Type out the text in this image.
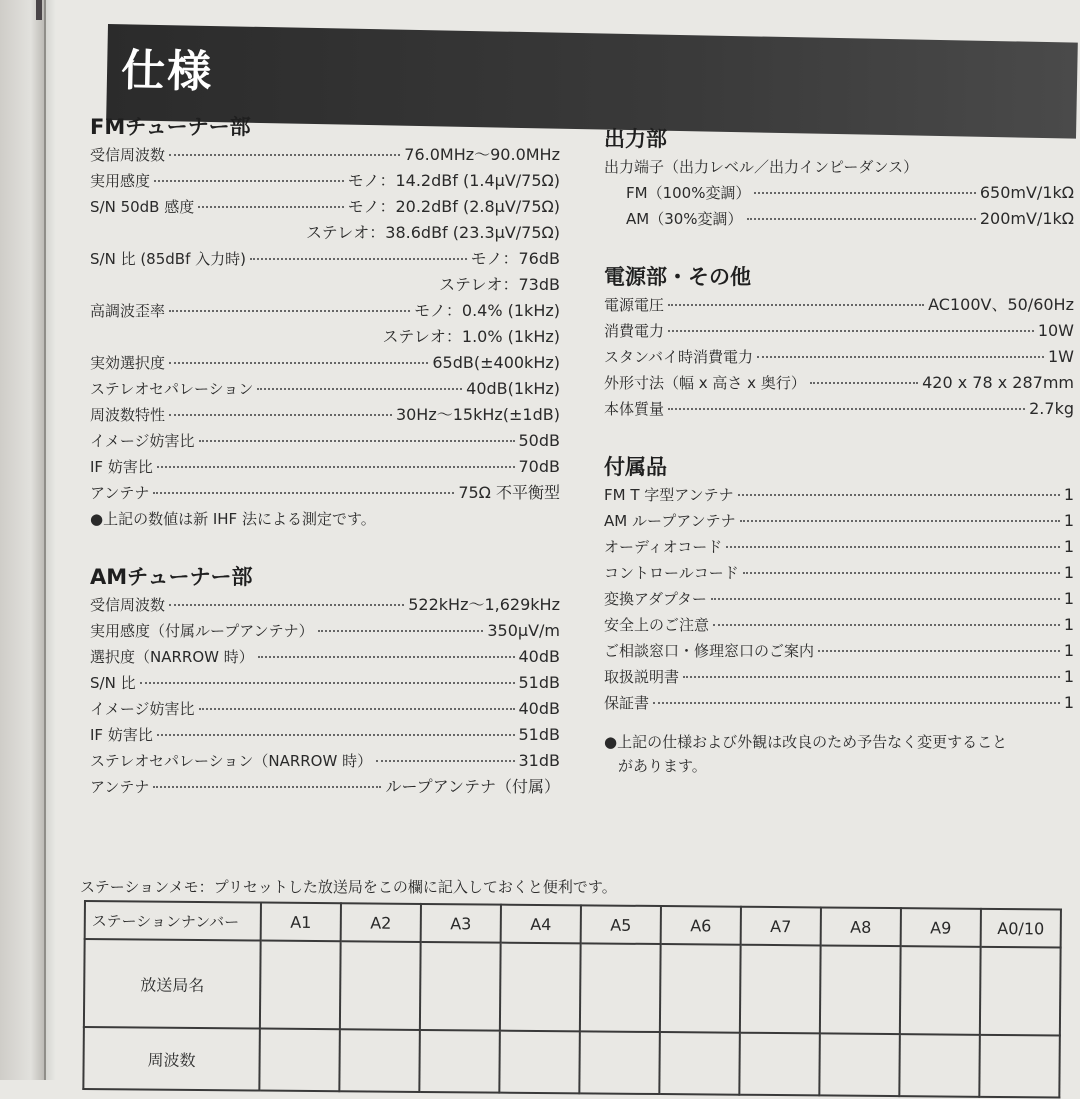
仕様
FMチューナー部
受信周波数	76.0MHz～90.0MHz
実用感度	モノ：14.2dBf (1.4μV/75Ω)
S/N 50dB 感度	モノ：20.2dBf (2.8μV/75Ω)
ステレオ：38.6dBf (23.3μV/75Ω)
S/N 比 (85dBf 入力時)	モノ：76dB
ステレオ：73dB
高調波歪率	モノ：0.4% (1kHz)
ステレオ：1.0% (1kHz)
実効選択度	65dB(±400kHz)
ステレオセパレーション	40dB(1kHz)
周波数特性	30Hz～15kHz(±1dB)
イメージ妨害比	50dB
IF 妨害比	70dB
アンテナ	75Ω 不平衡型
●上記の数値は新 IHF 法による測定です。
AMチューナー部
受信周波数	522kHz～1,629kHz
実用感度（付属ループアンテナ）	350μV/m
選択度（NARROW 時）	40dB
S/N 比	51dB
イメージ妨害比	40dB
IF 妨害比	51dB
ステレオセパレーション（NARROW 時）	31dB
アンテナ	ループアンテナ（付属）
出力部
出力端子（出力レベル／出力インピーダンス）
FM（100%変調）	650mV/1kΩ
AM（30%変調）	200mV/1kΩ
電源部・その他
電源電圧	AC100V、50/60Hz
消費電力	10W
スタンバイ時消費電力	1W
外形寸法（幅 x 高さ x 奥行）	420 x 78 x 287mm
本体質量	2.7kg
付属品
FM T 字型アンテナ	1
AM ループアンテナ	1
オーディオコード	1
コントロールコード	1
変換アダプター	1
安全上のご注意	1
ご相談窓口・修理窓口のご案内	1
取扱説明書	1
保証書	1
●上記の仕様および外観は改良のため予告なく変更すること
があります。
ステーションメモ：プリセットした放送局をこの欄に記入しておくと便利です。
ステーションナンバー	A1	A2	A3	A4	A5	A6	A7	A8	A9	A0/10
放送局名										
周波数										
